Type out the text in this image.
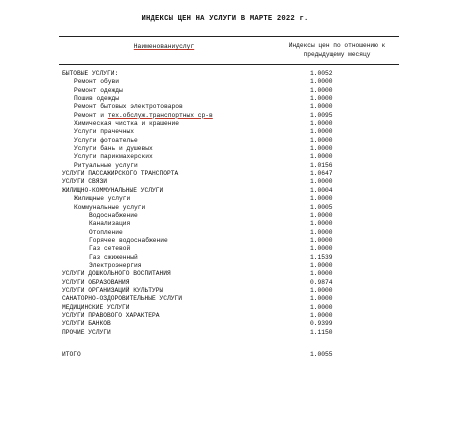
ИНДЕКСЫ ЦЕН НА УСЛУГИ В МАРТЕ 2022 г.
Наименованиуслуг	Индексы цен по отношению к
предыдущему месяцу
БЫТОВЫЕ УСЛУГИ:	1.0052
Ремонт обуви	1.0000
Ремонт одежды	1.0000
Пошив одежды	1.0000
Ремонт бытовых электротоваров	1.0000
Ремонт и тех.обслуж.транспортных ср-в	1.0095
Химическая чистка и крашение	1.0000
Услуги прачечных	1.0000
Услуги фотоателье	1.0000
Услуги бань и душевых	1.0000
Услуги парикмахерских	1.0000
Ритуальные услуги	1.0156
УСЛУГИ ПАССАЖИРСКОГО ТРАНСПОРТА	1.0647
УСЛУГИ СВЯЗИ	1.0000
ЖИЛИЩНО-КОММУНАЛЬНЫЕ УСЛУГИ	1.0004
Жилищные услуги	1.0000
Коммунальные услуги	1.0005
Водоснабжение	1.0000
Канализация	1.0000
Отопление	1.0000
Горячее водоснабжение	1.0000
Газ сетевой	1.0000
Газ сжиженный	1.1539
Электроэнергия	1.0000
УСЛУГИ ДОШКОЛЬНОГО ВОСПИТАНИЯ	1.0000
УСЛУГИ ОБРАЗОВАНИЯ	0.9874
УСЛУГИ ОРГАНИЗАЦИЙ КУЛЬТУРЫ	1.0000
САНАТОРНО-ОЗДОРОВИТЕЛЬНЫЕ УСЛУГИ	1.0000
МЕДИЦИНСКИЕ УСЛУГИ	1.0000
УСЛУГИ ПРАВОВОГО ХАРАКТЕРА	1.0000
УСЛУГИ БАНКОВ	0.9399
ПРОЧИЕ УСЛУГИ	1.1150
ИТОГО	1.0055
